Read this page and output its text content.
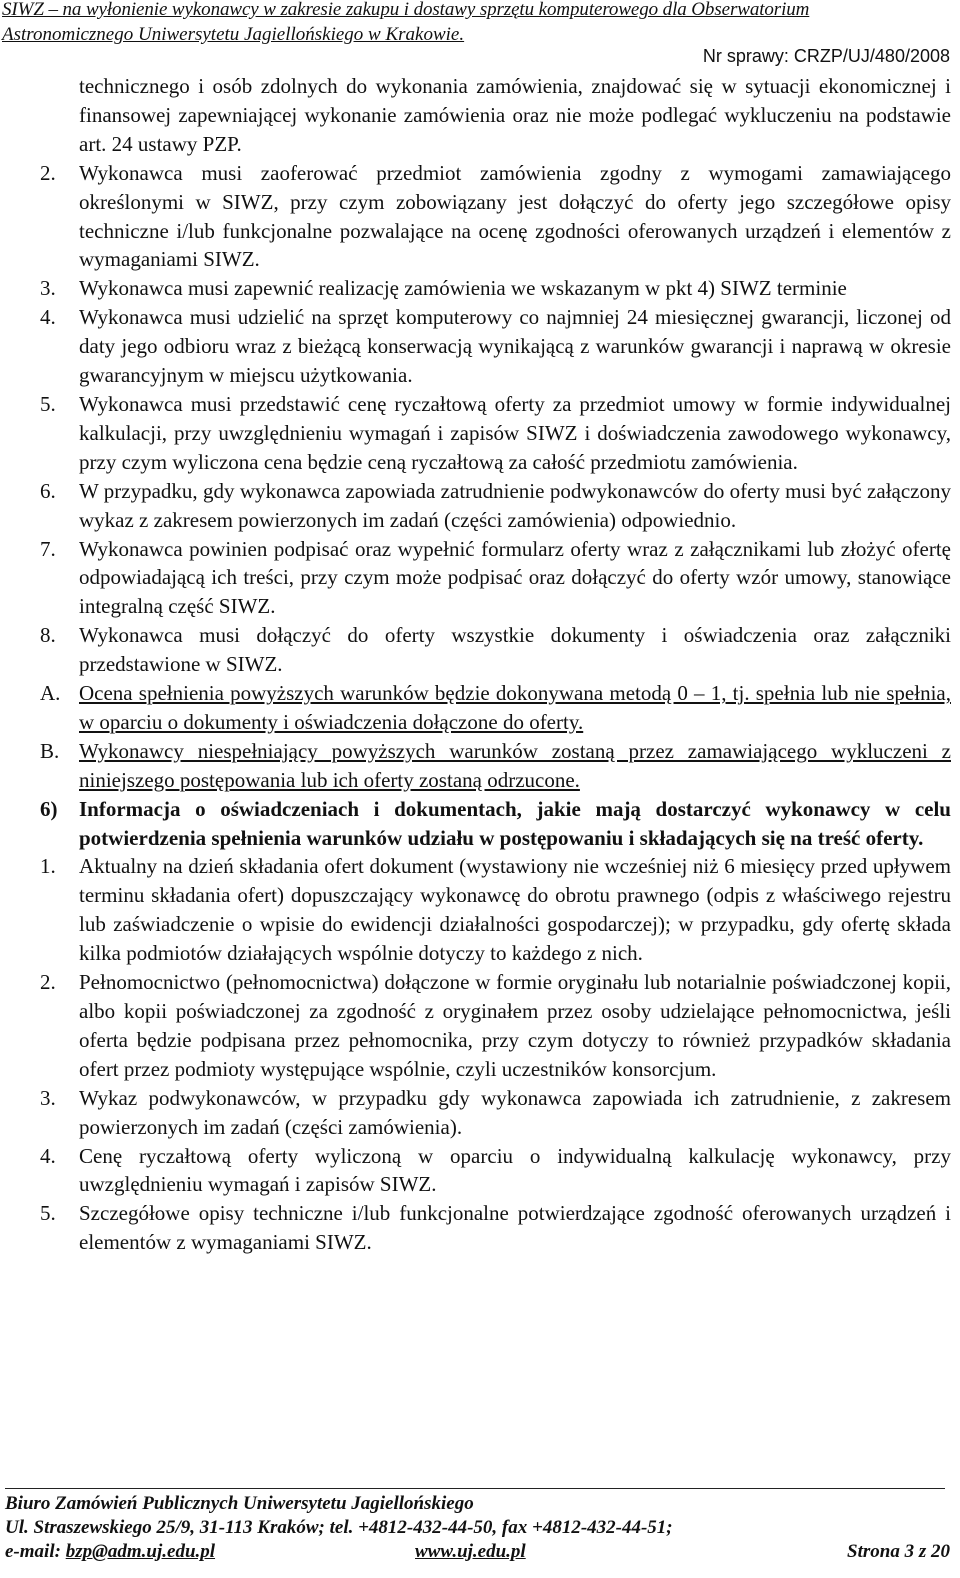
SIWZ – na wyłonienie wykonawcy w zakresie zakupu i dostawy sprzętu komputerowego dla Obserwatorium
Astronomicznego Uniwersytetu Jagiellońskiego w Krakowie.
Nr sprawy: CRZP/UJ/480/2008
technicznego i osób zdolnych do wykonania zamówienia, znajdować się w sytuacji ekonomicznej i finansowej zapewniającej wykonanie zamówienia oraz nie może podlegać wykluczeniu na podstawie art. 24 ustawy PZP.
2.	Wykonawca musi zaoferować przedmiot zamówienia zgodny z wymogami zamawiającego określonymi w SIWZ, przy czym zobowiązany jest dołączyć do oferty jego szczegółowe opisy techniczne i/lub funkcjonalne pozwalające na ocenę zgodności oferowanych urządzeń i elementów z wymaganiami SIWZ.
3.	Wykonawca musi zapewnić realizację zamówienia we wskazanym w pkt 4) SIWZ terminie
4.	Wykonawca musi udzielić na sprzęt komputerowy co najmniej 24 miesięcznej gwarancji, liczonej od daty jego odbioru wraz z bieżącą konserwacją wynikającą z warunków gwarancji i naprawą w okresie gwarancyjnym w miejscu użytkowania.
5.	Wykonawca musi przedstawić cenę ryczałtową oferty za przedmiot umowy w formie indywidualnej kalkulacji, przy uwzględnieniu wymagań i zapisów SIWZ i doświadczenia zawodowego wykonawcy, przy czym wyliczona cena będzie ceną ryczałtową za całość przedmiotu zamówienia.
6.	W przypadku, gdy wykonawca zapowiada zatrudnienie podwykonawców do oferty musi być załączony wykaz z zakresem powierzonych im zadań (części zamówienia) odpowiednio.
7.	Wykonawca powinien podpisać oraz wypełnić formularz oferty wraz z załącznikami lub złożyć ofertę odpowiadającą ich treści, przy czym może podpisać oraz dołączyć do oferty wzór umowy, stanowiące integralną część SIWZ.
8.	Wykonawca musi dołączyć do oferty wszystkie dokumenty i oświadczenia oraz załączniki przedstawione w SIWZ.
A. Ocena spełnienia powyższych warunków będzie dokonywana metodą 0 – 1, tj. spełnia lub nie spełnia, w oparciu o dokumenty i oświadczenia dołączone do oferty.
B. Wykonawcy niespełniający powyższych warunków zostaną przez zamawiającego wykluczeni z niniejszego postępowania lub ich oferty zostaną odrzucone.
6)	Informacja o oświadczeniach i dokumentach, jakie mają dostarczyć wykonawcy w celu potwierdzenia spełnienia warunków udziału w postępowaniu i składających się na treść oferty.
1.	Aktualny na dzień składania ofert dokument (wystawiony nie wcześniej niż 6 miesięcy przed upływem terminu składania ofert) dopuszczający wykonawcę do obrotu prawnego (odpis z właściwego rejestru lub zaświadczenie o wpisie do ewidencji działalności gospodarczej); w przypadku, gdy ofertę składa kilka podmiotów działających wspólnie dotyczy to każdego z nich.
2.	Pełnomocnictwo (pełnomocnictwa) dołączone w formie oryginału lub notarialnie poświadczonej kopii, albo kopii poświadczonej za zgodność z oryginałem przez osoby udzielające pełnomocnictwa, jeśli oferta będzie podpisana przez pełnomocnika, przy czym dotyczy to również przypadków składania ofert przez podmioty występujące wspólnie, czyli uczestników konsorcjum.
3.	Wykaz podwykonawców, w przypadku gdy wykonawca zapowiada ich zatrudnienie, z zakresem powierzonych im zadań (części zamówienia).
4.	Cenę ryczałtową oferty wyliczoną w oparciu o indywidualną kalkulację wykonawcy, przy uwzględnieniu wymagań i zapisów SIWZ.
5.	Szczegółowe opisy techniczne i/lub funkcjonalne potwierdzające zgodność oferowanych urządzeń i elementów z wymaganiami SIWZ.
Biuro Zamówień Publicznych Uniwersytetu Jagiellońskiego
Ul. Straszewskiego 25/9, 31-113 Kraków; tel. +4812-432-44-50, fax +4812-432-44-51;
e-mail: bzp@adm.uj.edu.pl	www.uj.edu.pl	Strona 3 z 20
